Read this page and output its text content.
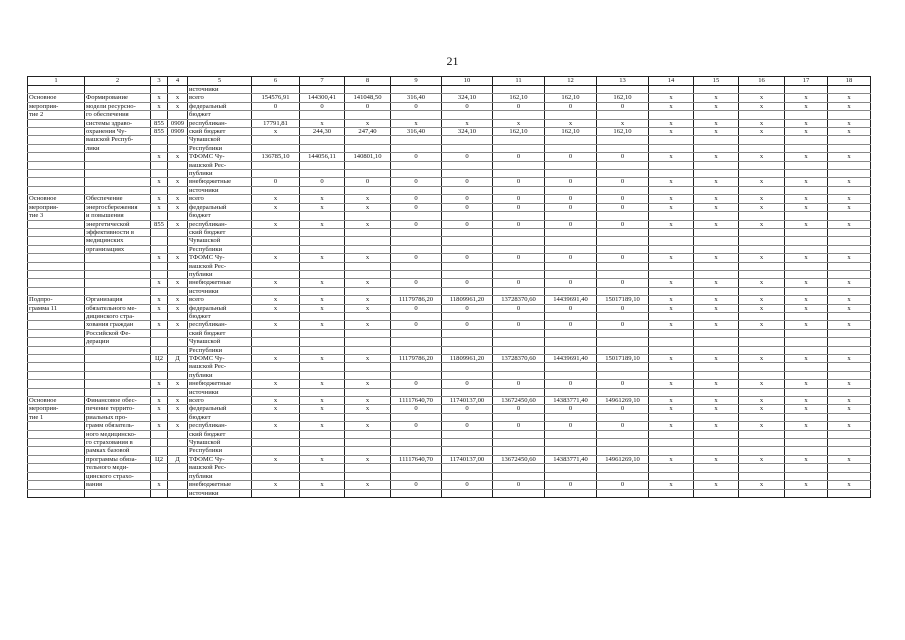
21
1	2	3	4	5	6	7	8	9	10	11	12	13	14	15	16	17	18
				источники													
Основное	Формирование	х	х	всего	154576,91	144300,41	141048,50	316,40	324,10	162,10	162,10	162,10	х	х	х	х	х
мероприя-	модели ресурсно-	х	х	федеральный	0	0	0	0	0	0	0	0	х	х	х	х	х
тие 2	го обеспечения			бюджет													
	системы здраво-	855	0909	республикан-	17791,81	х	х	х	х	х	х	х	х	х	х	х	х
	охранения Чу-	855	0909	ский бюджет	х	244,30	247,40	316,40	324,10	162,10	162,10	162,10	х	х	х	х	х
	вашской Респуб-			Чувашской													
	лики			Республики													
		х	х	ТФОМС Чу-	136785,10	144056,11	140801,10	0	0	0	0	0	х	х	х	х	х
				вашской Рес-													
				публики													
		х	х	внебюджетные	0	0	0	0	0	0	0	0	х	х	х	х	х
				источники													
Основное	Обеспечение	х	х	всего	х	х	х	0	0	0	0	0	х	х	х	х	х
мероприя-	энергосбережения	х	х	федеральный	х	х	х	0	0	0	0	0	х	х	х	х	х
тие 3	и повышения			бюджет													
	энергетической	855	х	республикан-	х	х	х	0	0	0	0	0	х	х	х	х	х
	эффективности в			ский бюджет													
	медицинских			Чувашской													
	организациях			Республики													
		х	х	ТФОМС Чу-	х	х	х	0	0	0	0	0	х	х	х	х	х
				вашской Рес-													
				публики													
		х	х	внебюджетные	х	х	х	0	0	0	0	0	х	х	х	х	х
				источники													
Подпро-	Организация	х	х	всего	х	х	х	11179786,20	11809961,20	13728370,60	14439691,40	15017189,10	х	х	х	х	х
грамма 11	обязательного ме-	х	х	федеральный	х	х	х	0	0	0	0	0	х	х	х	х	х
	дицинского стра-			бюджет													
	хования граждан	х	х	республикан-	х	х	х	0	0	0	0	0	х	х	х	х	х
	Российской Фе-			ский бюджет													
	дерации			Чувашской													
				Республики													
		Ц2	Д	ТФОМС Чу-	х	х	х	11179786,20	11809961,20	13728370,60	14439691,40	15017189,10	х	х	х	х	х
				вашской Рес-													
				публики													
		х	х	внебюджетные	х	х	х	0	0	0	0	0	х	х	х	х	х
				источники													
Основное	Финансовое обес-	х	х	всего	х	х	х	11117640,70	11740137,00	13672450,60	14383771,40	14961269,10	х	х	х	х	х
мероприя-	печение террито-	х	х	федеральный	х	х	х	0	0	0	0	0	х	х	х	х	х
тие 1	риальных про-			бюджет													
	грамм обязатель-	х	х	республикан-	х	х	х	0	0	0	0	0	х	х	х	х	х
	ного медицинско-			ский бюджет													
	го страхования в			Чувашской													
	рамках базовой			Республики													
	программы обяза-	Ц2	Д	ТФОМС Чу-	х	х	х	11117640,70	11740137,00	13672450,60	14383771,40	14961269,10	х	х	х	х	х
	тельного меди-			вашской Рес-													
	цинского страхо-			публики													
	вания	х		внебюджетные	х	х	х	0	0	0	0	0	х	х	х	х	х
				источники													
